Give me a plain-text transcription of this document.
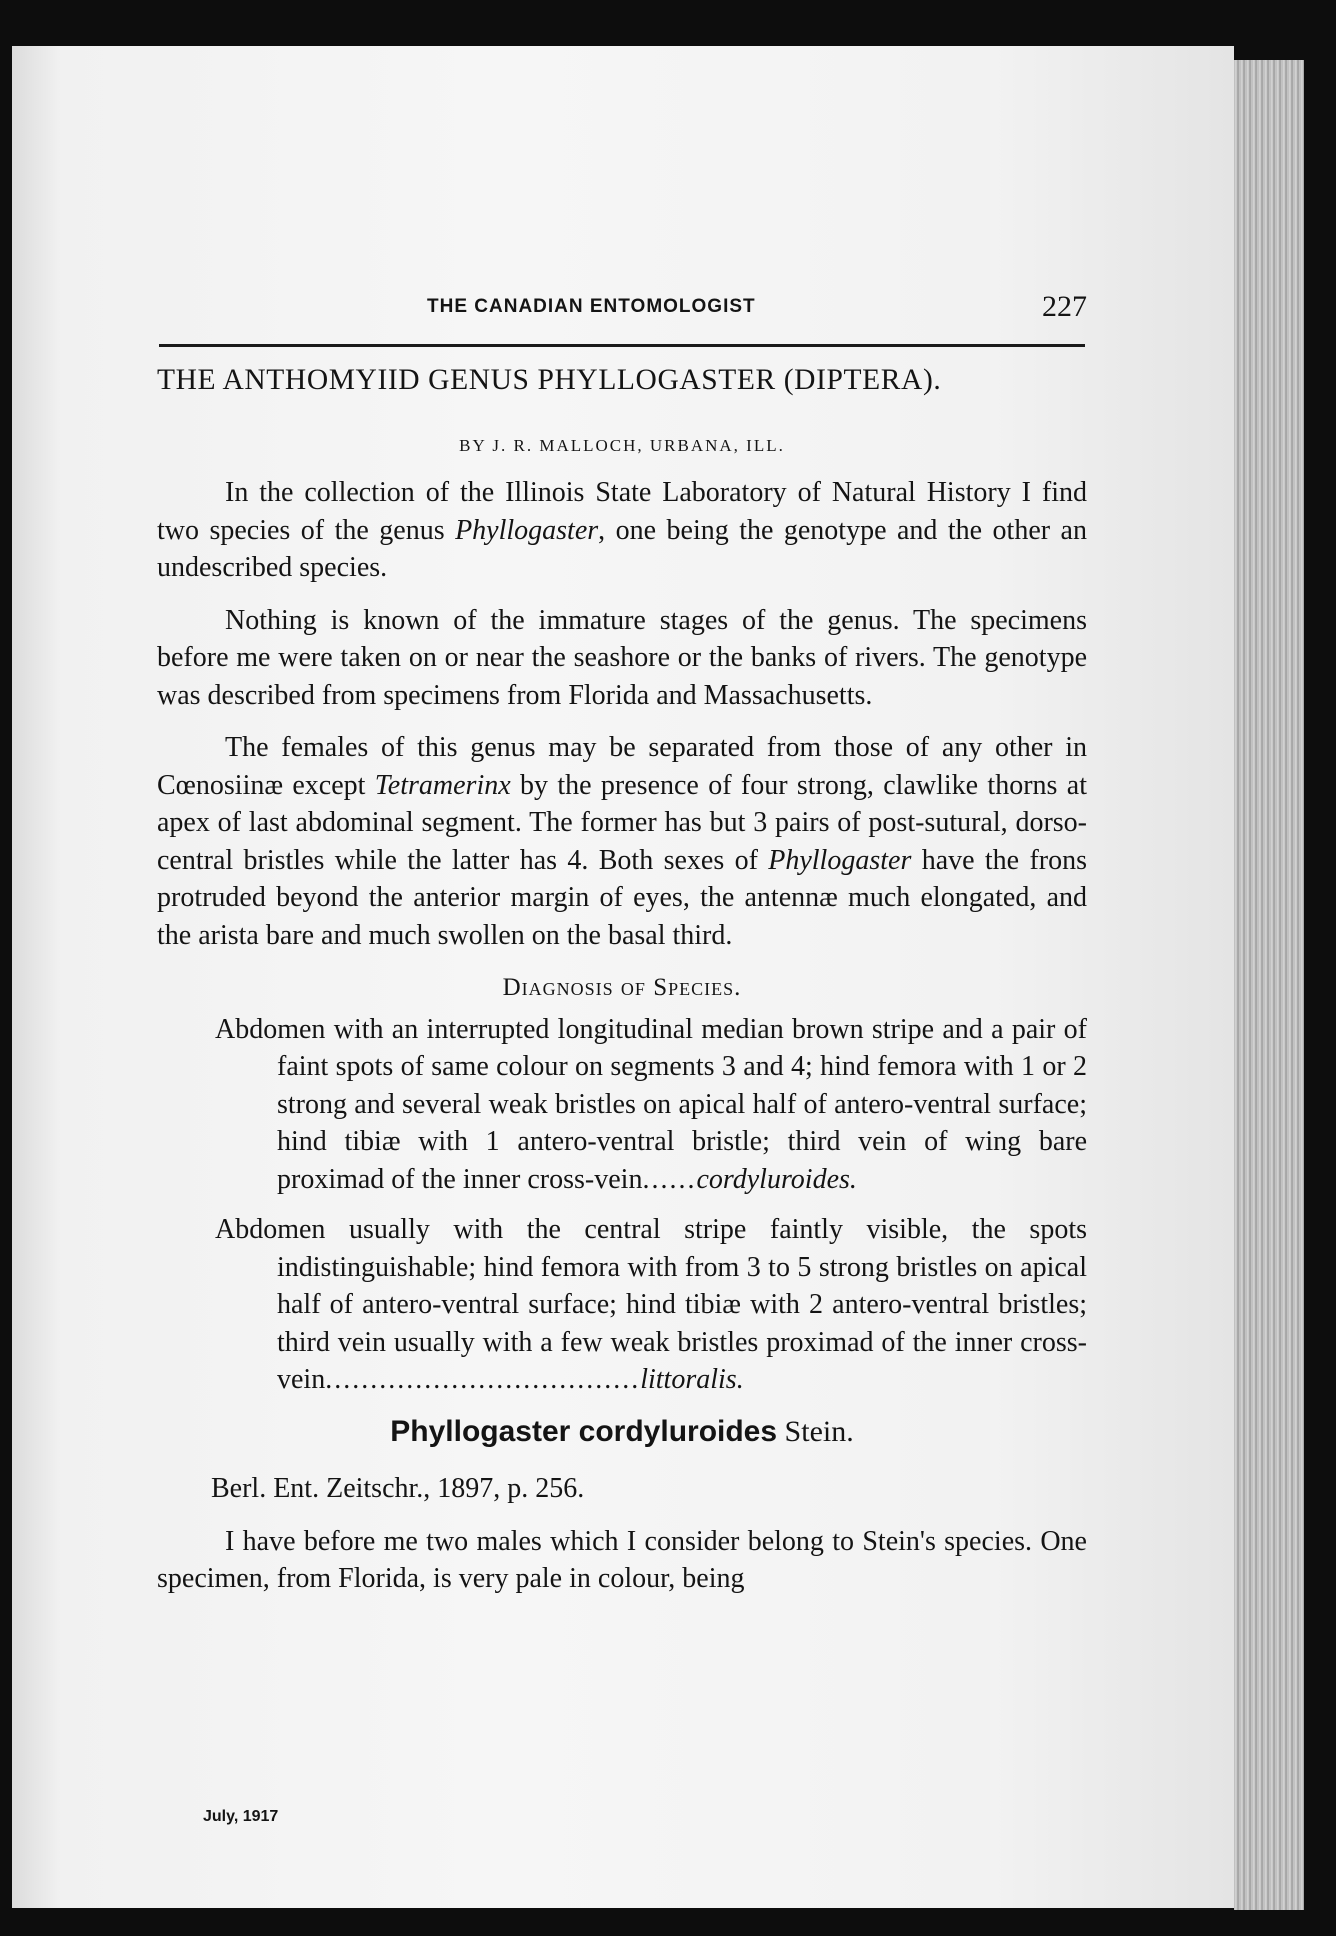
THE CANADIAN ENTOMOLOGIST	227
THE ANTHOMYIID GENUS PHYLLOGASTER (DIPTERA).
BY J. R. MALLOCH, URBANA, ILL.

In the collection of the Illinois State Laboratory of Natural History I find two species of the genus Phyllogaster, one being the genotype and the other an undescribed species.

Nothing is known of the immature stages of the genus. The specimens before me were taken on or near the seashore or the banks of rivers. The genotype was described from specimens from Florida and Massachusetts.

The females of this genus may be separated from those of any other in Cœnosiinæ except Tetramerinx by the presence of four strong, clawlike thorns at apex of last abdominal segment. The former has but 3 pairs of post-sutural, dorso-central bristles while the latter has 4. Both sexes of Phyllogaster have the frons protruded beyond the anterior margin of eyes, the antennæ much elongated, and the arista bare and much swollen on the basal third.

Diagnosis of Species.
Abdomen with an interrupted longitudinal median brown stripe and a pair of faint spots of same colour on segments 3 and 4; hind femora with 1 or 2 strong and several weak bristles on apical half of antero-ventral surface; hind tibiæ with 1 antero-ventral bristle; third vein of wing bare proximad of the inner cross-vein......cordyluroides.
Abdomen usually with the central stripe faintly visible, the spots indistinguishable; hind femora with from 3 to 5 strong bristles on apical half of antero-ventral surface; hind tibiæ with 2 antero-ventral bristles; third vein usually with a few weak bristles proximad of the inner cross-vein...................................littoralis.
Phyllogaster cordyluroides Stein.

Berl. Ent. Zeitschr., 1897, p. 256.

I have before me two males which I consider belong to Stein's species. One specimen, from Florida, is very pale in colour, being

July, 1917
